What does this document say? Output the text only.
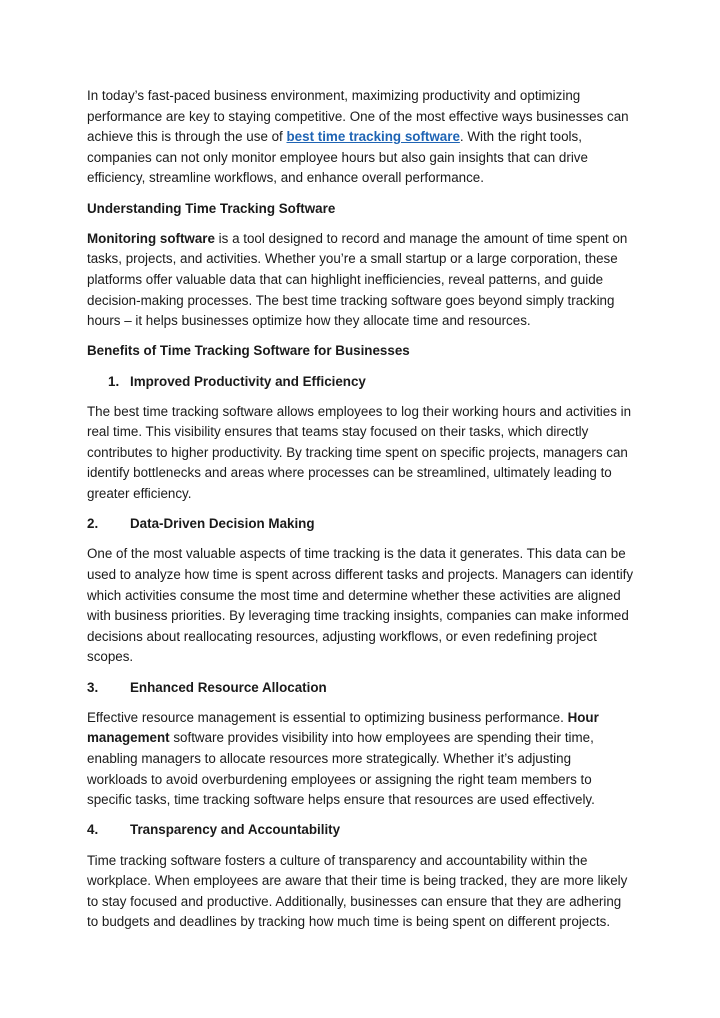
In today’s fast-paced business environment, maximizing productivity and optimizing performance are key to staying competitive. One of the most effective ways businesses can achieve this is through the use of best time tracking software. With the right tools, companies can not only monitor employee hours but also gain insights that can drive efficiency, streamline workflows, and enhance overall performance.

Understanding Time Tracking Software

Monitoring software is a tool designed to record and manage the amount of time spent on tasks, projects, and activities. Whether you’re a small startup or a large corporation, these platforms offer valuable data that can highlight inefficiencies, reveal patterns, and guide decision-making processes. The best time tracking software goes beyond simply tracking hours – it helps businesses optimize how they allocate time and resources.

Benefits of Time Tracking Software for Businesses

1. Improved Productivity and Efficiency

The best time tracking software allows employees to log their working hours and activities in real time. This visibility ensures that teams stay focused on their tasks, which directly contributes to higher productivity. By tracking time spent on specific projects, managers can identify bottlenecks and areas where processes can be streamlined, ultimately leading to greater efficiency.

2.	Data-Driven Decision Making

One of the most valuable aspects of time tracking is the data it generates. This data can be used to analyze how time is spent across different tasks and projects. Managers can identify which activities consume the most time and determine whether these activities are aligned with business priorities. By leveraging time tracking insights, companies can make informed decisions about reallocating resources, adjusting workflows, or even redefining project scopes.

3.	Enhanced Resource Allocation

Effective resource management is essential to optimizing business performance. Hour management software provides visibility into how employees are spending their time, enabling managers to allocate resources more strategically. Whether it’s adjusting workloads to avoid overburdening employees or assigning the right team members to specific tasks, time tracking software helps ensure that resources are used effectively.

4.	Transparency and Accountability

Time tracking software fosters a culture of transparency and accountability within the workplace. When employees are aware that their time is being tracked, they are more likely to stay focused and productive. Additionally, businesses can ensure that they are adhering to budgets and deadlines by tracking how much time is being spent on different projects.
